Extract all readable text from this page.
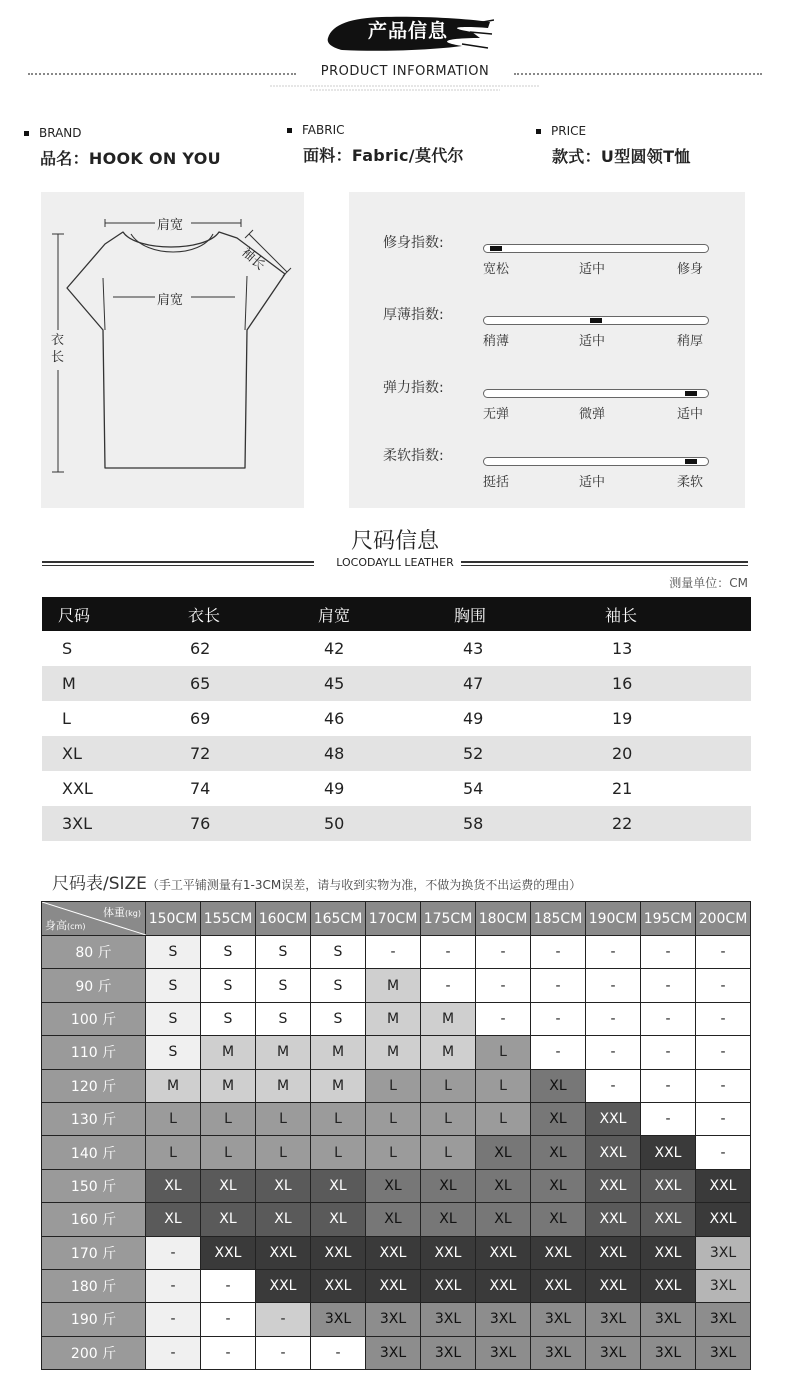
产品信息
PRODUCT INFORMATION
BRAND
品名：HOOK ON YOU
FABRIC
面料：Fabric/莫代尔
PRICE
款式：U型圆领T恤
肩宽
肩宽
衣长
袖长
修身指数:
宽松	适中	修身
厚薄指数:
稍薄	适中	稍厚
弹力指数:
无弹	微弹	适中
柔软指数:
挺括	适中	柔软
尺码信息
LOCODAYLL LEATHER
测量单位：CM
尺码	衣长	肩宽	胸围	袖长
S	62	42	43	13
M	65	45	47	16
L	69	46	49	19
XL	72	48	52	20
XXL	74	49	54	21
3XL	76	50	58	22
尺码表/SIZE（手工平铺测量有1-3CM误差，请与收到实物为准，不做为换货不出运费的理由）
体重(kg)
身高(cm)	150CM	155CM	160CM	165CM	170CM	175CM	180CM	185CM	190CM	195CM	200CM
80 斤	S	S	S	S	-	-	-	-	-	-	-
90 斤	S	S	S	S	M	-	-	-	-	-	-
100 斤	S	S	S	S	M	M	-	-	-	-	-
110 斤	S	M	M	M	M	M	L	-	-	-	-
120 斤	M	M	M	M	L	L	L	XL	-	-	-
130 斤	L	L	L	L	L	L	L	XL	XXL	-	-
140 斤	L	L	L	L	L	L	XL	XL	XXL	XXL	-
150 斤	XL	XL	XL	XL	XL	XL	XL	XL	XXL	XXL	XXL
160 斤	XL	XL	XL	XL	XL	XL	XL	XL	XXL	XXL	XXL
170 斤	-	XXL	XXL	XXL	XXL	XXL	XXL	XXL	XXL	XXL	3XL
180 斤	-	-	XXL	XXL	XXL	XXL	XXL	XXL	XXL	XXL	3XL
190 斤	-	-	-	3XL	3XL	3XL	3XL	3XL	3XL	3XL	3XL
200 斤	-	-	-	-	3XL	3XL	3XL	3XL	3XL	3XL	3XL
